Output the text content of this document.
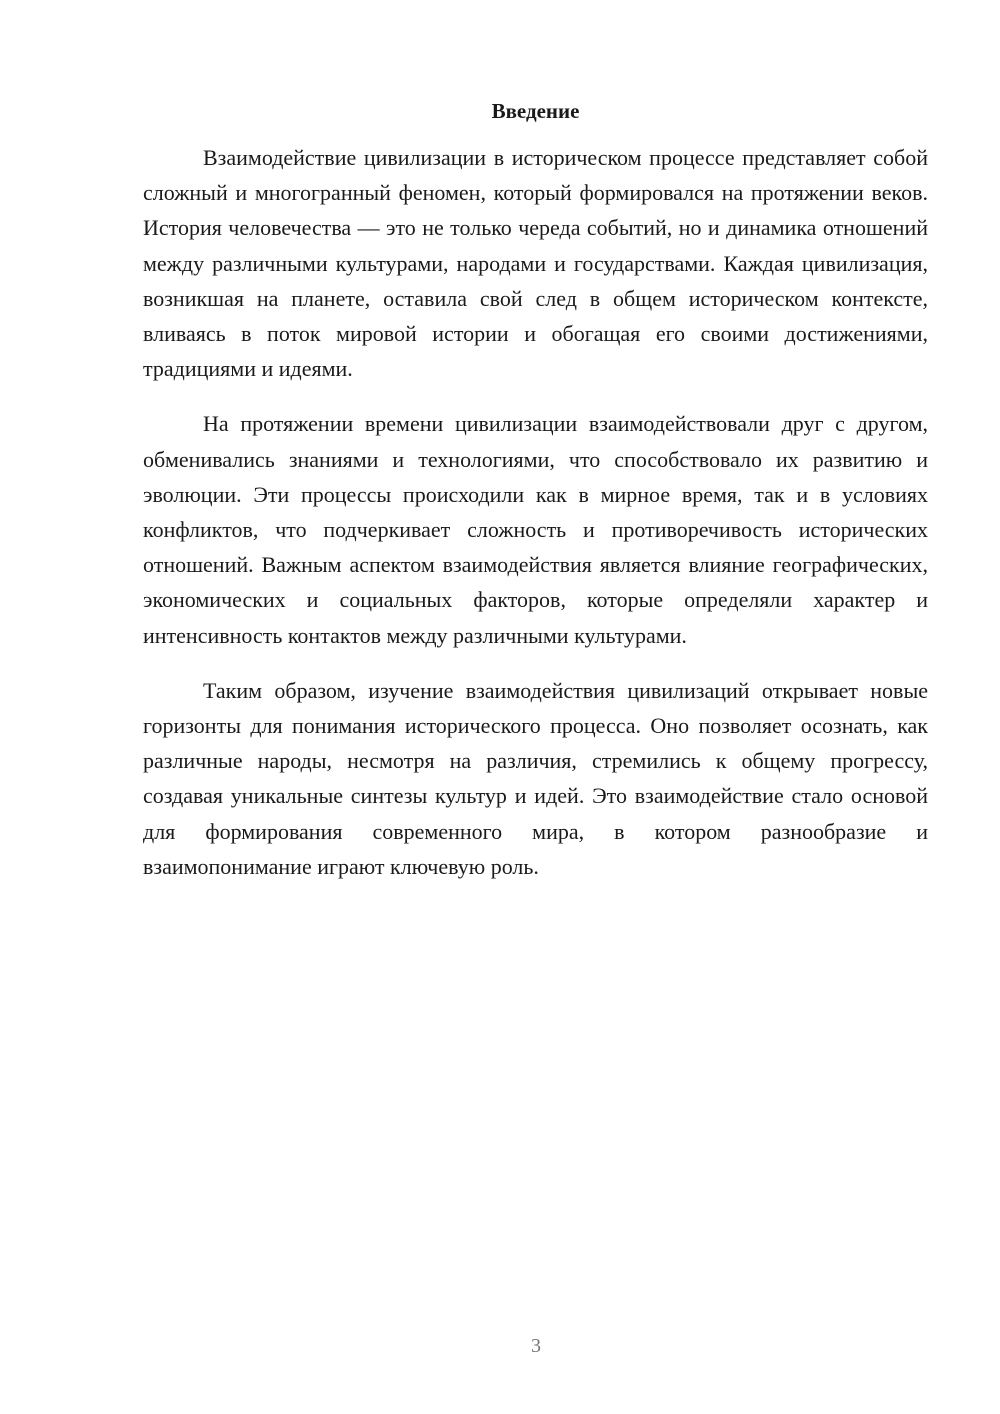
Введение

Взаимодействие цивилизации в историческом процессе представляет собой сложный и многогранный феномен, который формировался на протяжении веков. История человечества — это не только череда событий, но и динамика отношений между различными культурами, народами и государствами. Каждая цивилизация, возникшая на планете, оставила свой след в общем историческом контексте, вливаясь в поток мировой истории и обогащая его своими достижениями, традициями и идеями.

На протяжении времени цивилизации взаимодействовали друг с другом, обменивались знаниями и технологиями, что способствовало их развитию и эволюции. Эти процессы происходили как в мирное время, так и в условиях конфликтов, что подчеркивает сложность и противоречивость исторических отношений. Важным аспектом взаимодействия является влияние географических, экономических и социальных факторов, которые определяли характер и интенсивность контактов между различными культурами.

Таким образом, изучение взаимодействия цивилизаций открывает новые горизонты для понимания исторического процесса. Оно позволяет осознать, как различные народы, несмотря на различия, стремились к общему прогрессу, создавая уникальные синтезы культур и идей. Это взаимодействие стало основой для формирования современного мира, в котором разнообразие и взаимопонимание играют ключевую роль.

3
